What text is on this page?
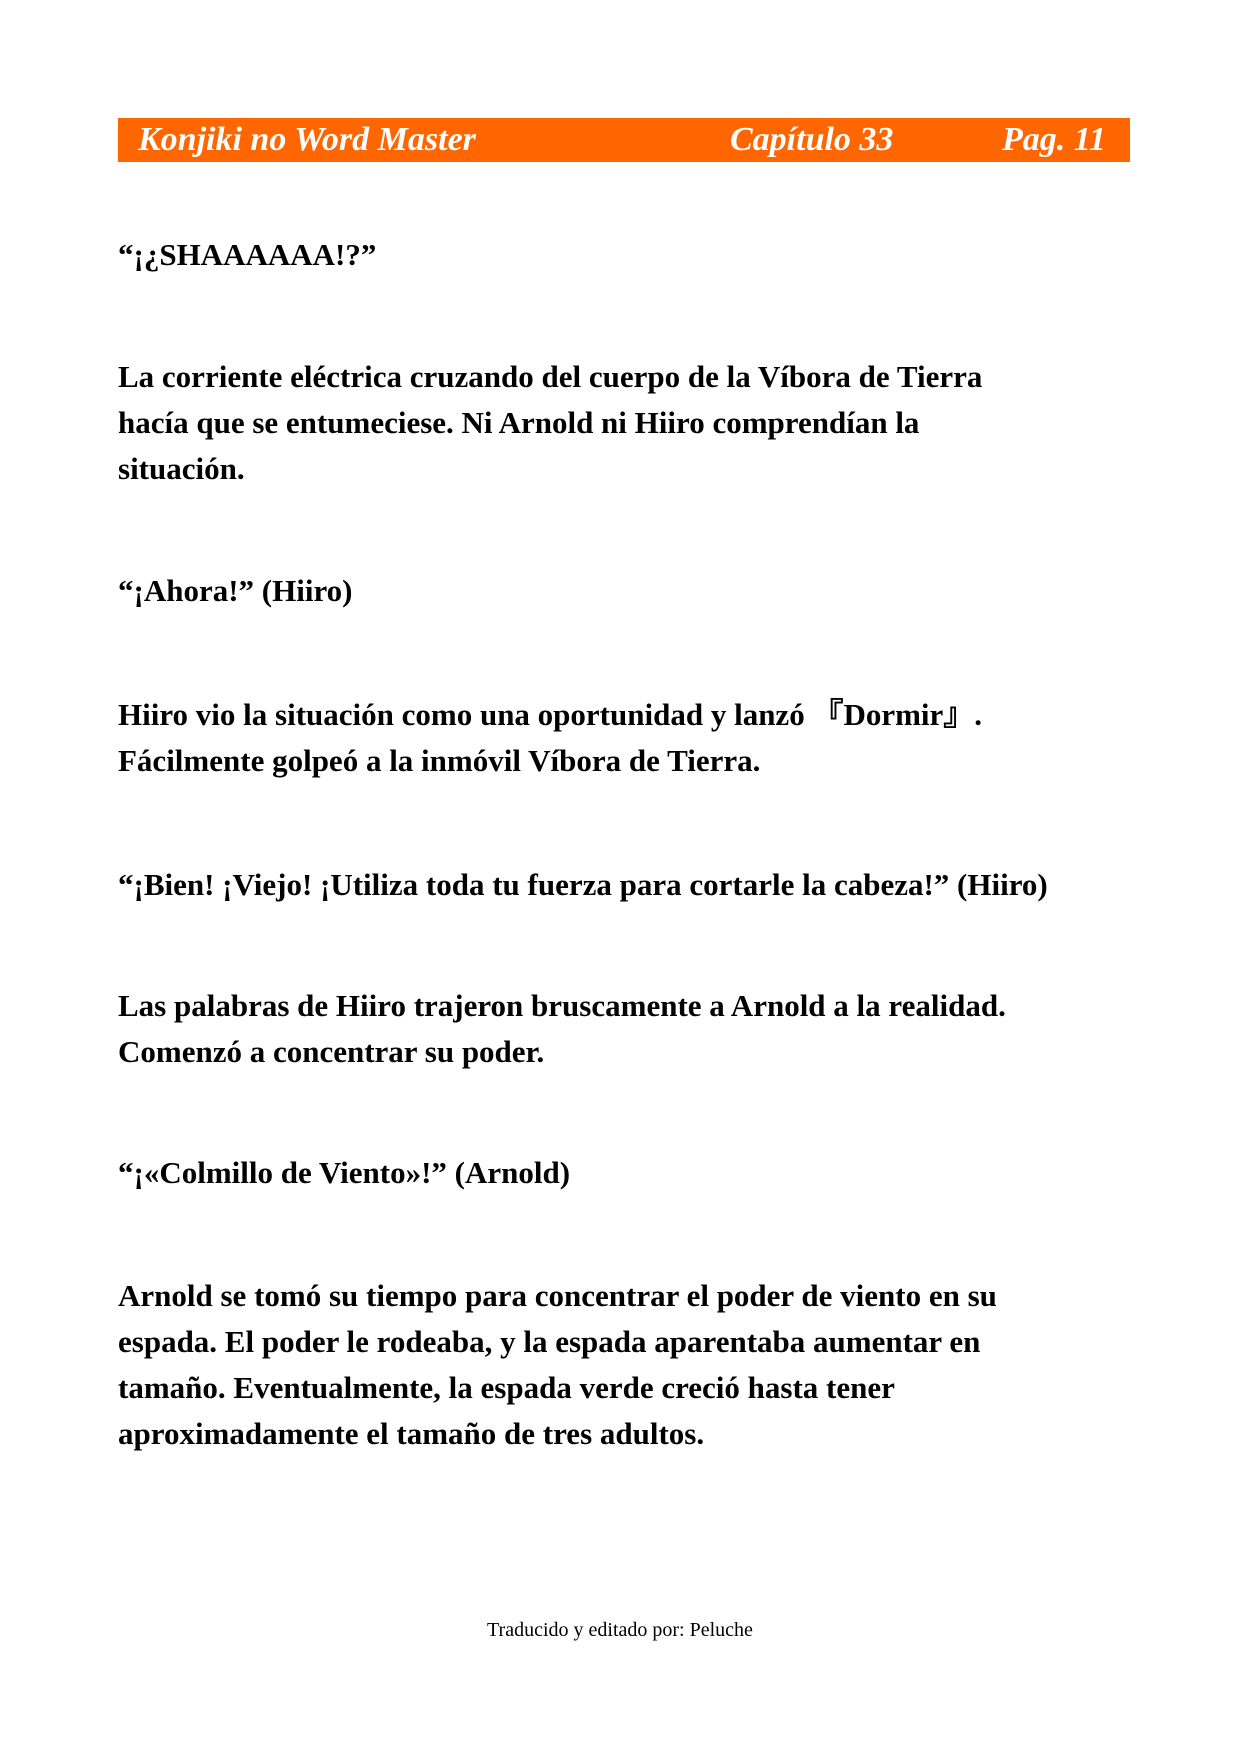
Konjiki no Word Master	Capítulo 33	Pag. 11

“¡¿SHAAAAAA!?”

La corriente eléctrica cruzando del cuerpo de la Víbora de Tierra
hacía que se entumeciese. Ni Arnold ni Hiiro comprendían la
situación.

“¡Ahora!” (Hiiro)

Hiiro vio la situación como una oportunidad y lanzó 『Dormir』.
Fácilmente golpeó a la inmóvil Víbora de Tierra.

“¡Bien! ¡Viejo! ¡Utiliza toda tu fuerza para cortarle la cabeza!” (Hiiro)

Las palabras de Hiiro trajeron bruscamente a Arnold a la realidad.
Comenzó a concentrar su poder.

“¡«Colmillo de Viento»!” (Arnold)

Arnold se tomó su tiempo para concentrar el poder de viento en su
espada. El poder le rodeaba, y la espada aparentaba aumentar en
tamaño. Eventualmente, la espada verde creció hasta tener
aproximadamente el tamaño de tres adultos.

Traducido y editado por: Peluche
